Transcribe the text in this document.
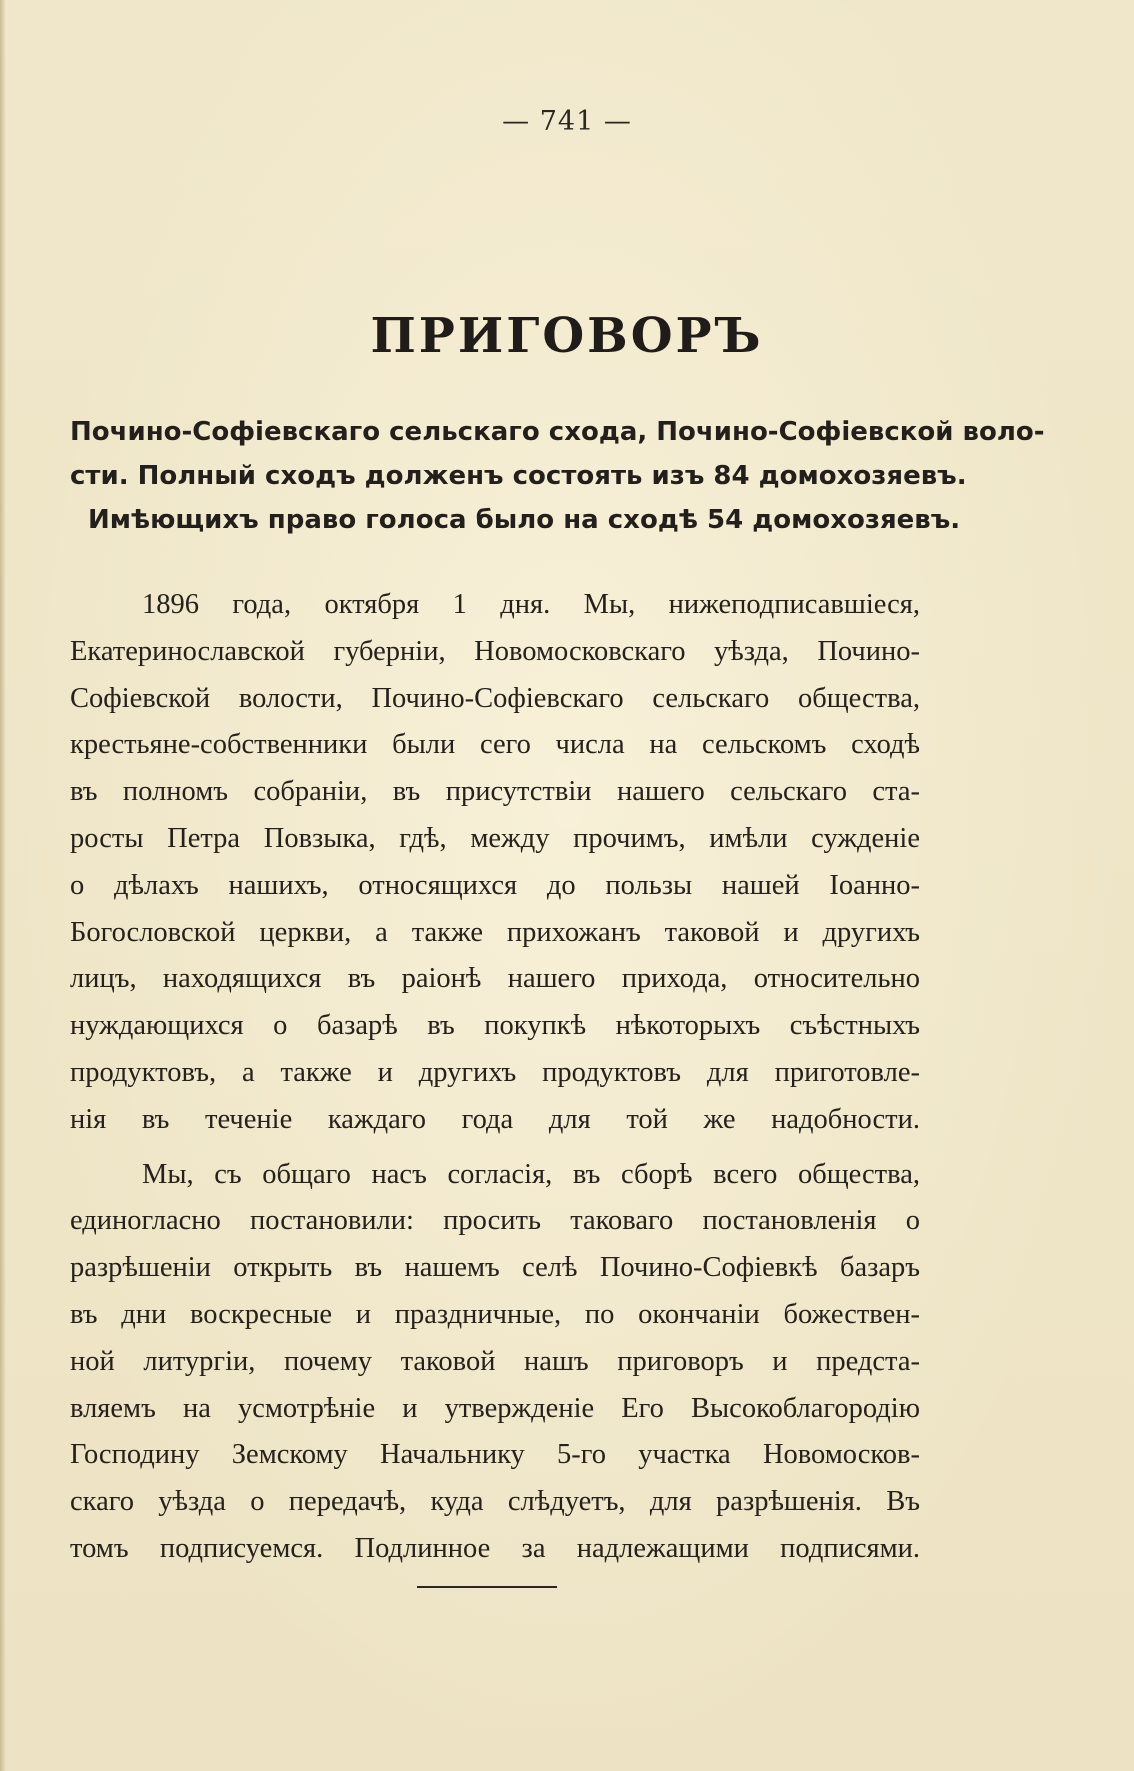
— 741 —
ПРИГОВОРЪ
Почино-Софіевскаго сельскаго схода, Почино-Софіевской воло-
сти. Полный сходъ долженъ состоять изъ 84 домохозяевъ.
Имѣющихъ право голоса было на сходѣ 54 домохозяевъ.
1896 года, октября 1 дня. Мы, нижеподписавшіеся,
Екатеринославской губерніи, Новомосковскаго уѣзда, Почино-
Софіевской волости, Почино-Софіевскаго сельскаго общества,
крестьяне-собственники были сего числа на сельскомъ сходѣ
въ полномъ собраніи, въ присутствіи нашего сельскаго ста-
росты Петра Повзыка, гдѣ, между прочимъ, имѣли сужденіе
о дѣлахъ нашихъ, относящихся до пользы нашей Іоанно-
Богословской церкви, а также прихожанъ таковой и другихъ
лицъ, находящихся въ раіонѣ нашего прихода, относительно
нуждающихся о базарѣ въ покупкѣ нѣкоторыхъ съѣстныхъ
продуктовъ, а также и другихъ продуктовъ для приготовле-
нія въ теченіе каждаго года для той же надобности.
Мы, съ общаго насъ согласія, въ сборѣ всего общества,
единогласно постановили: просить таковаго постановленія о
разрѣшеніи открыть въ нашемъ селѣ Почино-Софіевкѣ базаръ
въ дни воскресные и праздничные, по окончаніи божествен-
ной литургіи, почему таковой нашъ приговоръ и предста-
вляемъ на усмотрѣніе и утвержденіе Его Высокоблагородію
Господину Земскому Начальнику 5-го участка Новомосков-
скаго уѣзда о передачѣ, куда слѣдуетъ, для разрѣшенія. Въ
томъ подписуемся. Подлинное за надлежащими подписями.
